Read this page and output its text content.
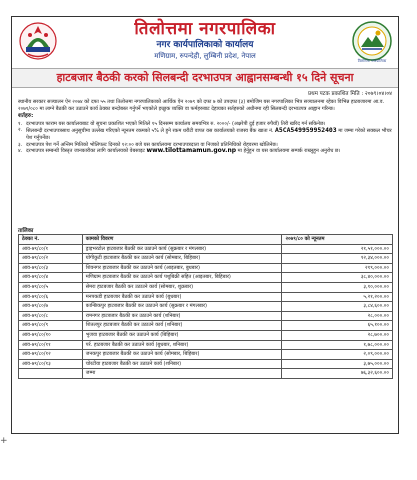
तिलोत्तमा नगरपालिका
नगर कार्यपालिकाको कार्यालय
मणिग्राम, रुपन्देही, लुम्बिनी प्रदेश, नेपाल
तिलोत्तमा नगरपालिका
हाटबजार बैठकी करको सिलबन्दी दरभाउपत्र आह्वानसम्बन्धी १५ दिने सूचना
प्रथम पटक प्रकाशित मिति : २०७९।०४।०४

स्थानीय सरकार सञ्चालन ऐन २०७४ को दफा ५५ तथा तिलोत्तमा नगरपालिकाको आर्थिक ऐन २०७९ को दफा ७ को उपदफा (३) बमोजिम यस नगरपालिका भित्र सञ्चालनमा रहेका विभिन्न हाटबजारमा आ.व. २०७९/०८० मा लाग्ने बैठकी कर उठाउने कार्य ठेक्का बन्दोबस्त गर्नुपर्ने भएकोले इच्छुक व्यक्ति वा फर्महरुबाट देहायका सर्तहरुको अधीनमा रही सिलबन्दी दरभाउपत्र आह्वान गरिन्छ।

शर्तहरु:

१. दरभाउपत्र फाराम यस कार्यालयबाट यो सूचना प्रकाशित भएको मितिले १५ दिनसम्म कार्यालय समयभित्र रु. २०००/- (अक्षरेपी दुई हजार रुपैयाँ) तिरी खरिद गर्न सकिनेछ।
२. सिलबन्दी दरभाउपत्रसाथ अनुसूचीमा उल्लेख गरिएको न्यूनतम रकमको ५% ले हुने रकम धरौटी वापत यस कार्यालयको राजस्व बैंक खाता नं. A5CA549959952403 मा जम्मा गरेको सक्कल भौचर पेश गर्नुपर्नेछ।
३. दरभाउपत्र पेश गर्ने अन्तिम मितिको भोलिपल्ट दिनको १२:०० बजे यस कार्यालयमा दरभाउपत्रदाता वा निजको प्रतिनिधिको रोहवरमा खोलिनेछ।
४. दरभाउपत्र सम्बन्धी विस्तृत जानकारीका लागि कार्यालयको वेबसाइट www.tilottamamun.gov.np मा हेर्नुहुन वा यस कार्यालयमा सम्पर्क राख्नुहुन अनुरोध छ।
तालिका
ठेक्का नं.	कामको विवरण	२०७९/८० को न्यूनतम
आव-७९/८०/१	ड्राइभरटोल हाटबजार बैठकी कर उठाउने कार्य (सुक्रबार र मंगलबार)	२१,५१,०००.००
आव-७९/८०/२	योगीकुटी हाटबजार बैठकी कर उठाउने कार्य (सोमबार, बिहिबार)	१२,३४,०००.००
आव-७९/८०/३	शिवनगर हाटबजार बैठकी कर उठाउने कार्य (आइतबार, बुधबार)	२१९,०००.००
आव-७९/८०/४	मणिग्राम हाटबजार बैठकी कर उठाउने कार्य पशुबिक्री सहित (आइतबार, बिहिबार)	३८,४०,०००.००
आव-७९/८०/५	सेमरा हाटबजार बैठकी कर उठाउने कार्य (सोमबार, शुक्रबार)	३,१०,०००.००
आव-७९/८०/६	मनपकडी हाटबजार बैठकी कर उठाउने कार्य (बुधबार)	५,२१,२००.००
आव-७९/८०/७	कान्छिकपुर हाटबजार बैठकी कर उठाउने कार्य (सुक्रबार र मंगलबार)	३,८४,६००.००
आव-७९/८०/८	रामनगर हाटबजार बैठकी कर उठाउने कार्य (शनिबार)	२८,०००.००
आव-७९/८०/९	शितलपुर हाटबजार बैठकी कर उठाउने कार्य (शनिबार)	६५,१००.००
आव-७९/८०/१०	भुजवा हाटबजार बैठकी कर उठाउने कार्य (बिहिबार)	२८,७००.००
आव-७९/८०/११	पर्र. हाटबजार बैठकी कर उठाउने कार्य (बुधबार, शनिबार)	१,७८,०००.००
आव-७९/८०/१२	जनकपुर हाटबजार बैठकी कर उठाउने कार्य (सोमबार, बिहिबार)	२,०९,०००.००
आव-७९/८०/१३	चोरटीया हाटबजार बैठकी कर उठाउने कार्य (शनिबार)	३,७५,०००.००
	जम्मा	७६,३२,६००.००
+
